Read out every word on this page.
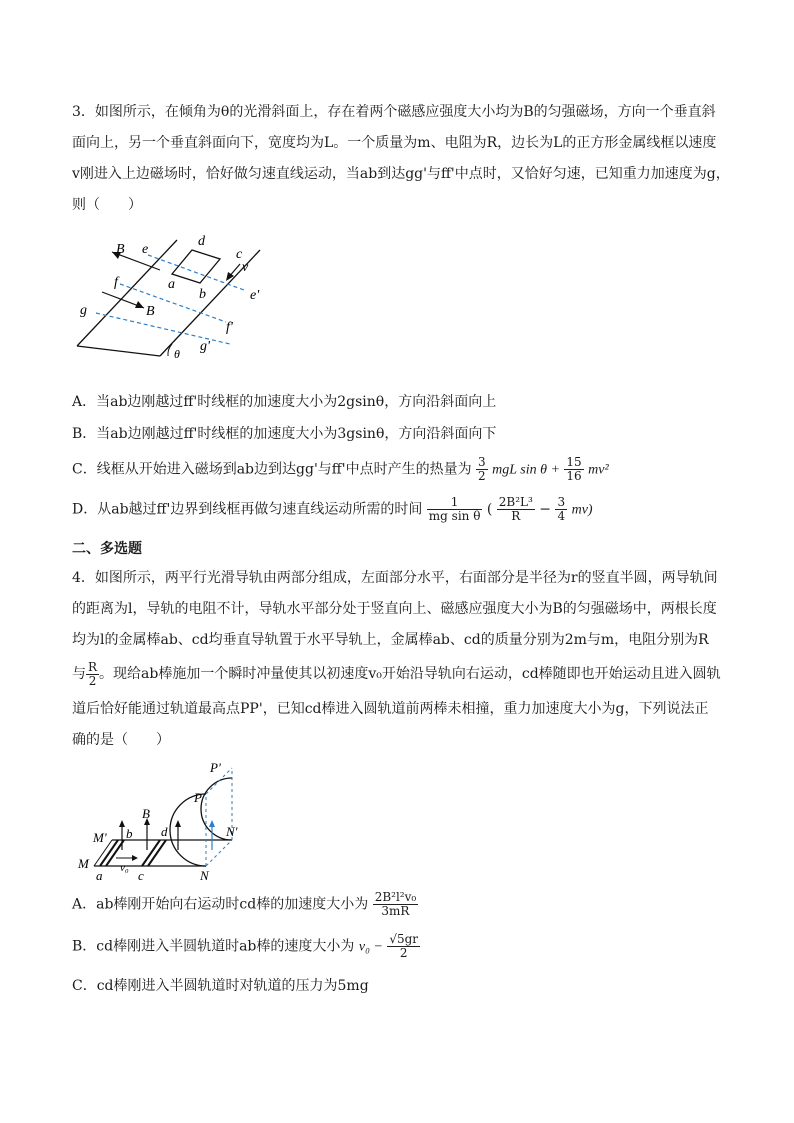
3．如图所示，在倾角为θ的光滑斜面上，存在着两个磁感应强度大小均为B的匀强磁场，方向一个垂直斜

面向上，另一个垂直斜面向下，宽度均为L。一个质量为m、电阻为R，边长为L的正方形金属线框以速度

v刚进入上边磁场时，恰好做匀速直线运动，当ab到达gg'与ff'中点时，又恰好匀速，已知重力加速度为g，

则（　　）

B e
d
c
v
a
b	e'
f
B
g
f'
g'
θ
A．当ab边刚越过ff'时线框的加速度大小为2gsinθ，方向沿斜面向上
B．当ab边刚越过ff'时线框的加速度大小为3gsinθ，方向沿斜面向下
C．线框从开始进入磁场到ab边到达gg'与ff'中点时产生的热量为 $\frac{3}{2}$ mgL $\sin \theta + \frac{15}{16} mv^2$
D．从ab越过ff'边界到线框再做匀速直线运动所需的时间 $\frac{1}{\text{mg sin θ}}$ ( $\frac{\text{2B²L³}}{R} - \frac{3}{4} mv$)
二、多选题

4．如图所示，两平行光滑导轨由两部分组成，左面部分水平，右面部分是半径为r的竖直半圆，两导轨间

的距离为l，导轨的电阻不计，导轨水平部分处于竖直向上、磁感应强度大小为B的匀强磁场中，两根长度

均为l的金属棒ab、cd均垂直导轨置于水平导轨上，金属棒ab、cd的质量分别为2m与m，电阻分别为R

与 $\frac{R}{2}$ 。现给ab棒施加一个瞬时冲量使其以初速度v₀开始沿导轨向右运动，cd棒随即也开始运动且进入圆轨

道后恰好能通过轨道最高点PP'，已知cd棒进入圆轨道前两棒未相撞，重力加速度大小为g，下列说法正

确的是（　　）

P'
P
B
M' b d	N'
v₀
M
a	c	N
A．ab棒刚开始向右运动时cd棒的加速度大小为 $\frac{\text{2B²l²v₀}}{3mR}$
B．cd棒刚进入半圆轨道时ab棒的速度大小为 $v_0 - \frac{√5gr}{2}$
C．cd棒刚进入半圆轨道时对轨道的压力为5mg
